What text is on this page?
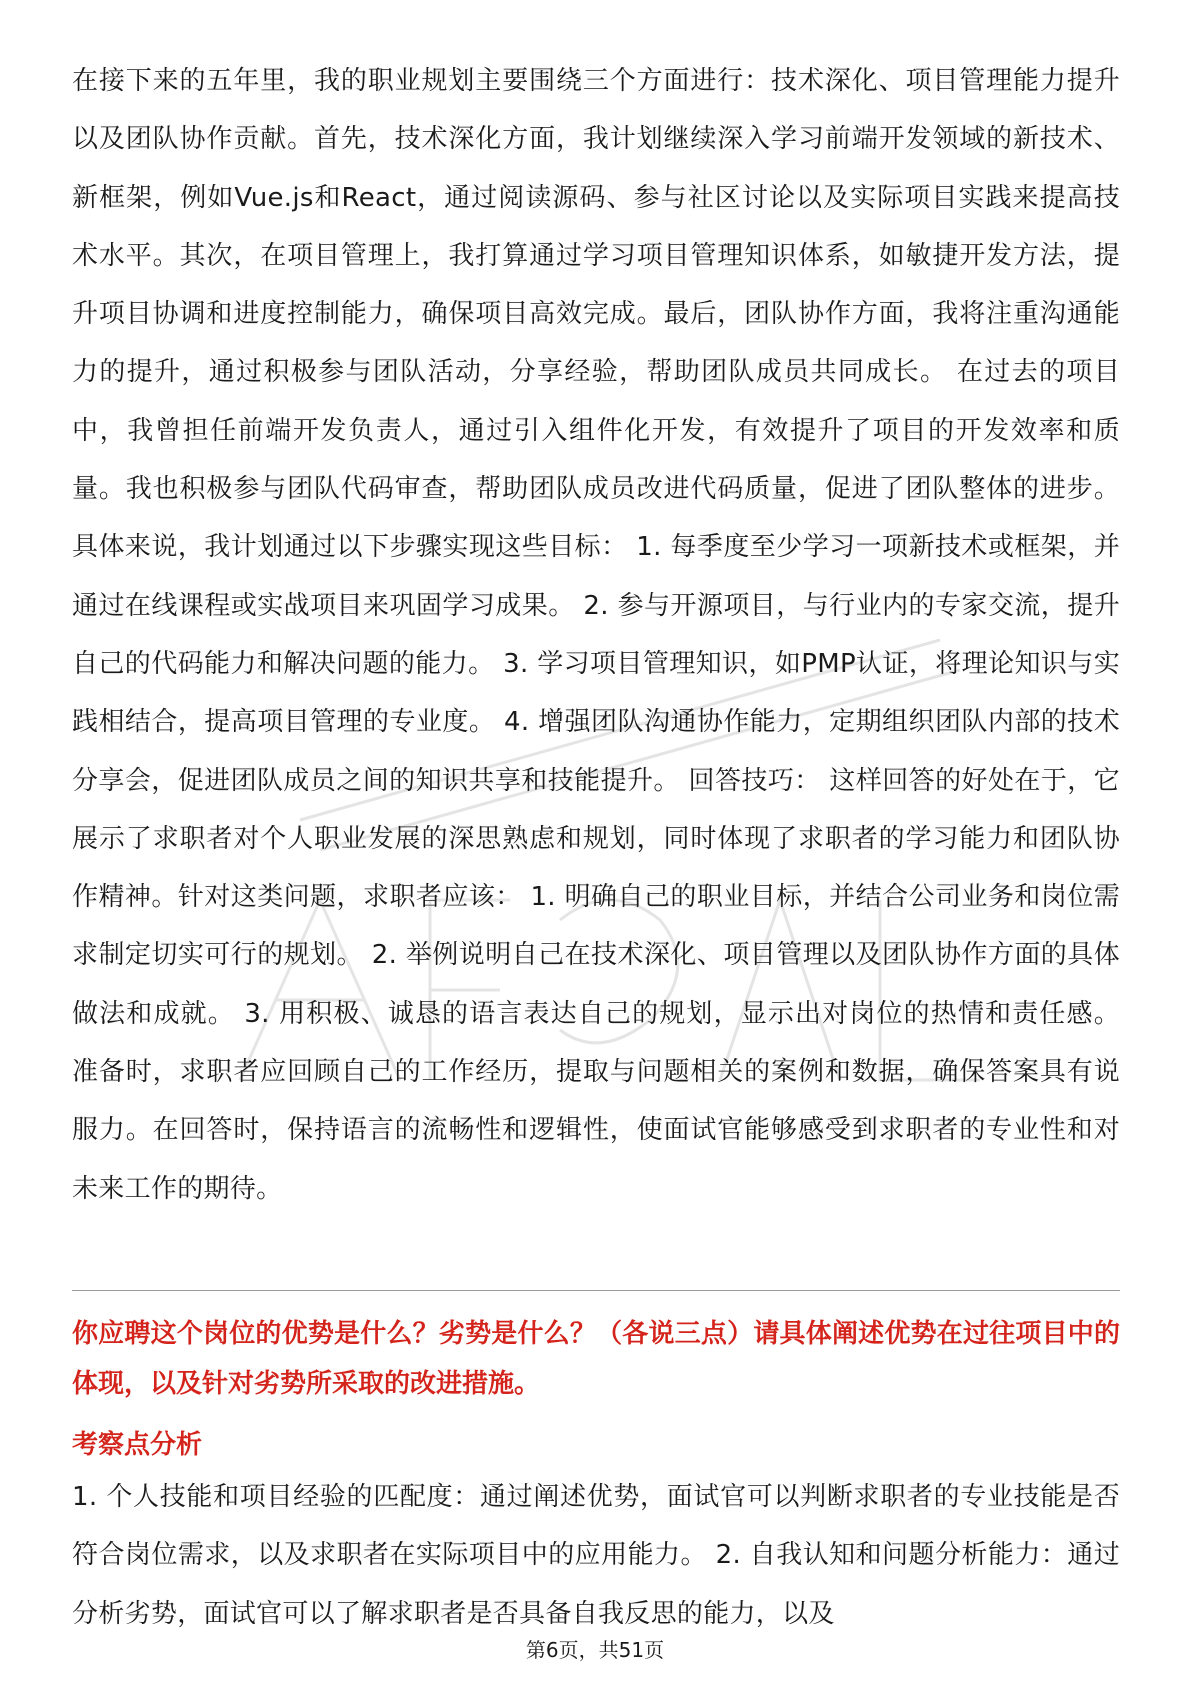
在接下来的五年里，我的职业规划主要围绕三个方面进行：技术深化、项目管理能力提升以及团队协作贡献。首先，技术深化方面，我计划继续深入学习前端开发领域的新技术、新框架，例如Vue.js和React，通过阅读源码、参与社区讨论以及实际项目实践来提高技术水平。其次，在项目管理上，我打算通过学习项目管理知识体系，如敏捷开发方法，提升项目协调和进度控制能力，确保项目高效完成。最后，团队协作方面，我将注重沟通能力的提升，通过积极参与团队活动，分享经验，帮助团队成员共同成长。 在过去的项目中，我曾担任前端开发负责人，通过引入组件化开发，有效提升了项目的开发效率和质量。我也积极参与团队代码审查，帮助团队成员改进代码质量，促进了团队整体的进步。 具体来说，我计划通过以下步骤实现这些目标： 1. 每季度至少学习一项新技术或框架，并通过在线课程或实战项目来巩固学习成果。 2. 参与开源项目，与行业内的专家交流，提升自己的代码能力和解决问题的能力。 3. 学习项目管理知识，如PMP认证，将理论知识与实践相结合，提高项目管理的专业度。 4. 增强团队沟通协作能力，定期组织团队内部的技术分享会，促进团队成员之间的知识共享和技能提升。 回答技巧： 这样回答的好处在于，它展示了求职者对个人职业发展的深思熟虑和规划，同时体现了求职者的学习能力和团队协作精神。针对这类问题，求职者应该： 1. 明确自己的职业目标，并结合公司业务和岗位需求制定切实可行的规划。 2. 举例说明自己在技术深化、项目管理以及团队协作方面的具体做法和成就。 3. 用积极、诚恳的语言表达自己的规划，显示出对岗位的热情和责任感。 准备时，求职者应回顾自己的工作经历，提取与问题相关的案例和数据，确保答案具有说服力。在回答时，保持语言的流畅性和逻辑性，使面试官能够感受到求职者的专业性和对未来工作的期待。

你应聘这个岗位的优势是什么？劣势是什么？（各说三点）请具体阐述优势在过往项目中的体现，以及针对劣势所采取的改进措施。

考察点分析

1. 个人技能和项目经验的匹配度：通过阐述优势，面试官可以判断求职者的专业技能是否符合岗位需求，以及求职者在实际项目中的应用能力。 2. 自我认知和问题分析能力：通过分析劣势，面试官可以了解求职者是否具备自我反思的能力，以及

第6页，共51页
